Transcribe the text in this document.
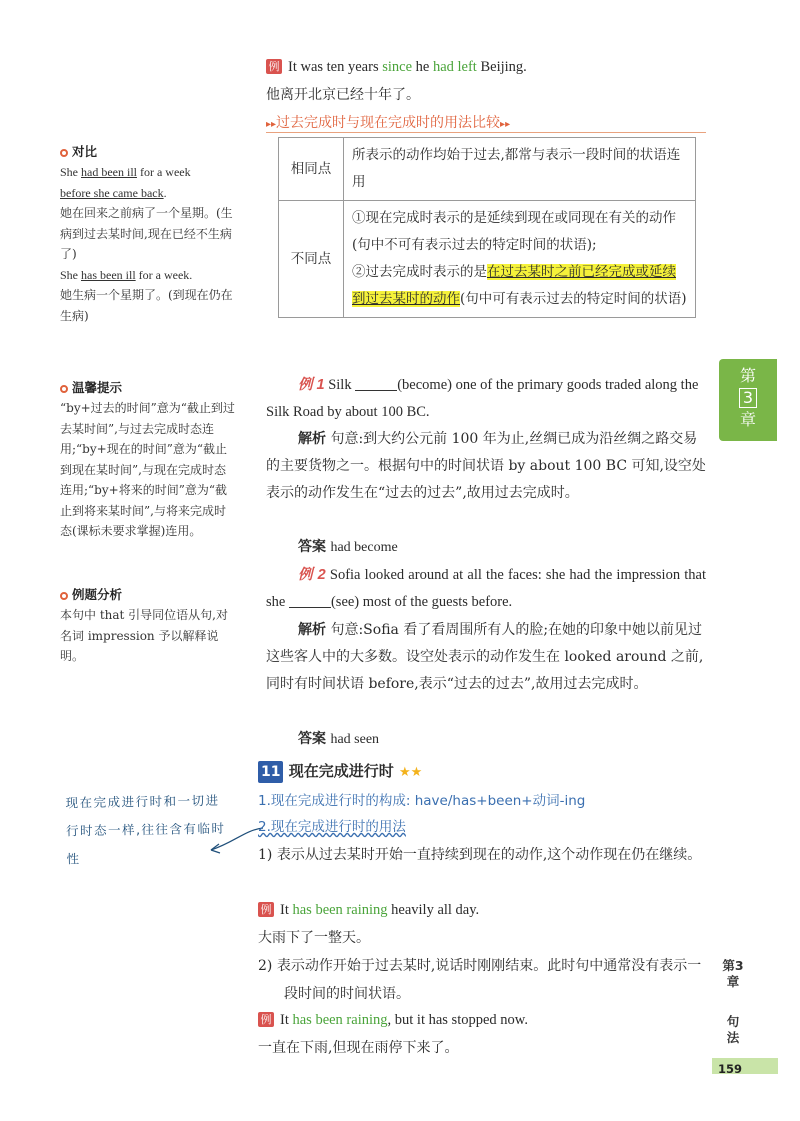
例 It was ten years since he had left Beijing.
他离开北京已经十年了。
▸▸过去完成时与现在完成时的用法比较▸▸
相同点	所表示的动作均始于过去,都常与表示一段时间的状语连用
不同点	①现在完成时表示的是延续到现在或同现在有关的动作(句中不可有表示过去的特定时间的状语);
②过去完成时表示的是在过去某时之前已经完成或延续到过去某时的动作(句中可有表示过去的特定时间的状语)
对比
She had been ill for a week
before she came back.
她在回来之前病了一个星期。(生病到过去某时间,现在已经不生病了)
She has been ill for a week.
她生病一个星期了。(到现在仍在生病)
温馨提示
“by+过去的时间”意为“截止到过去某时间”,与过去完成时态连用;“by+现在的时间”意为“截止到现在某时间”,与现在完成时态连用;“by+将来的时间”意为“截止到将来某时间”,与将来完成时态(课标未要求掌握)连用。
例题分析
本句中 that 引导同位语从句,对名词 impression 予以解释说明。
现在完成进行时和一切进行时态一样,往往含有临时性
例 1 Silk	(become) one of the primary goods traded along the Silk Road by about 100 BC.
解析 句意:到大约公元前 100 年为止,丝绸已成为沿丝绸之路交易的主要货物之一。根据句中的时间状语 by about 100 BC 可知,设空处表示的动作发生在“过去的过去”,故用过去完成时。
答案 had become
例 2 Sofia looked around at all the faces: she had the impression that she	(see) most of the guests before.
解析 句意:Sofia 看了看周围所有人的脸;在她的印象中她以前见过这些客人中的大多数。设空处表示的动作发生在 looked around 之前,同时有时间状语 before,表示“过去的过去”,故用过去完成时。
答案 had seen
11 现在完成进行时 ★★
1.现在完成进行时的构成: have/has+been+动词-ing
2.现在完成进行时的用法
1) 表示从过去某时开始一直持续到现在的动作,这个动作现在仍在继续。
例 It has been raining heavily all day.
大雨下了一整天。
2) 表示动作开始于过去某时,说话时刚刚结束。此时句中通常没有表示一段时间的时间状语。
例 It has been raining, but it has stopped now.
一直在下雨,但现在雨停下来了。
第
3
章
第3章
句法
159
